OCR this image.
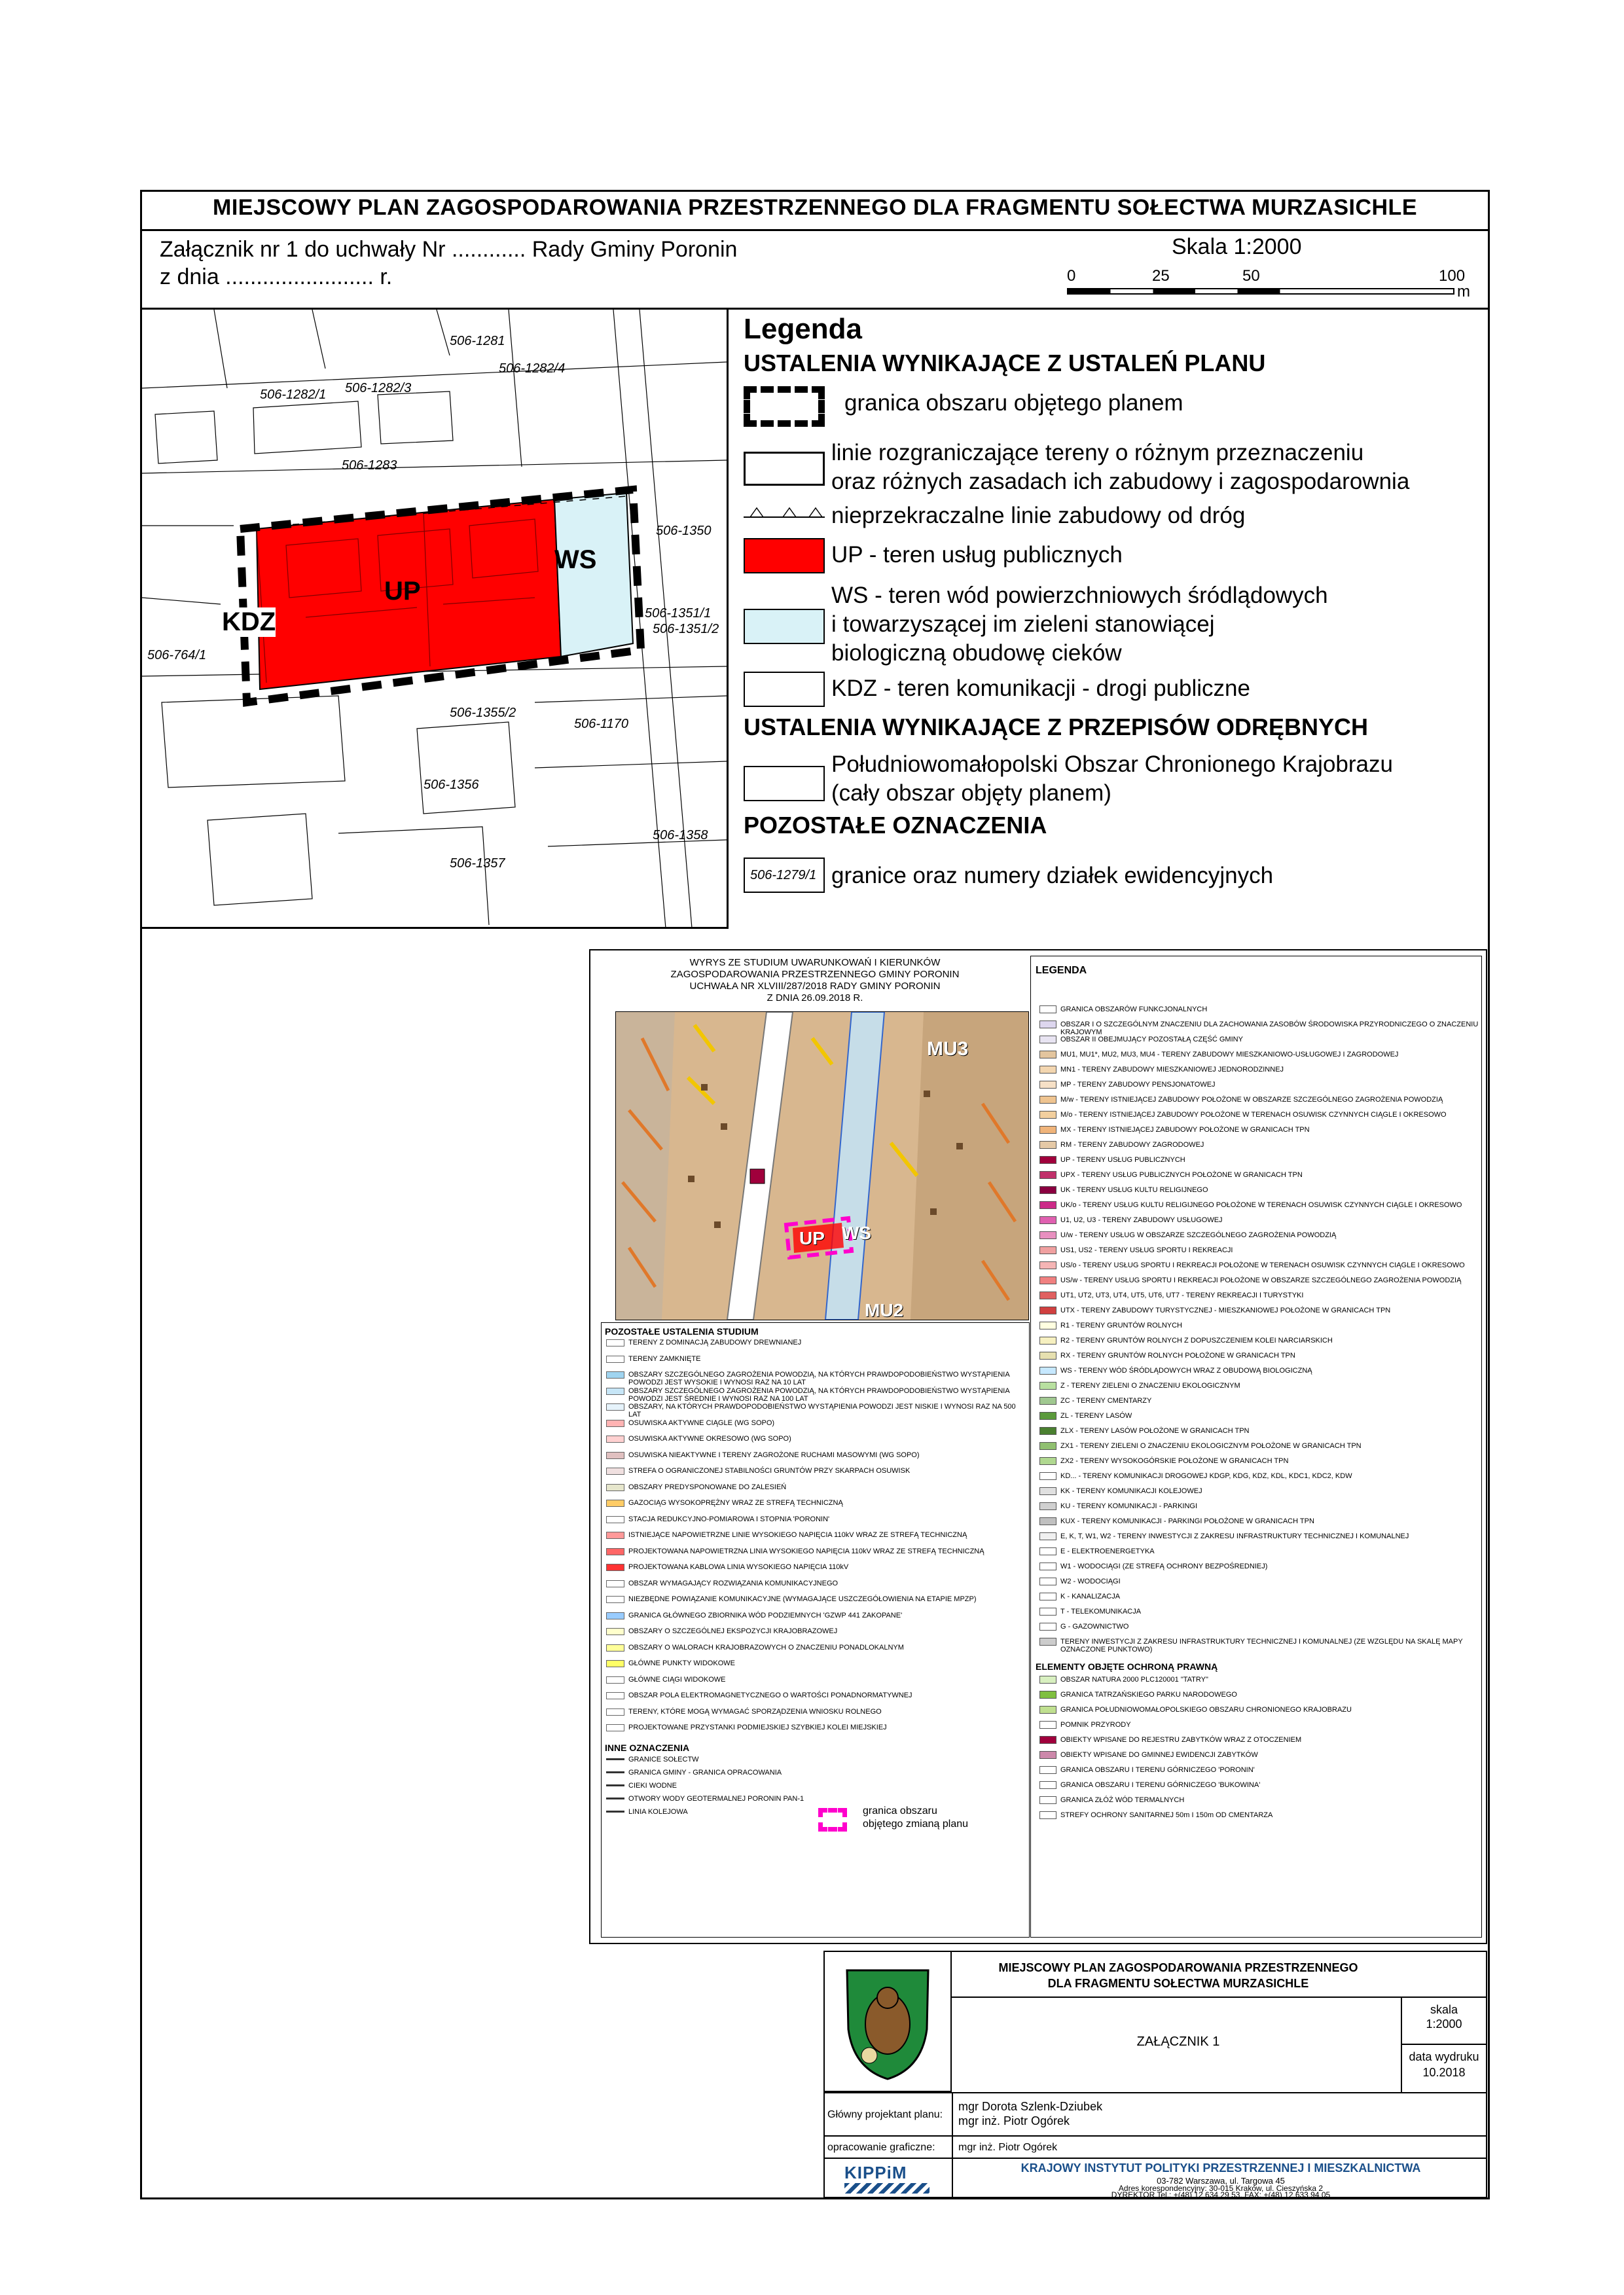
MIEJSCOWY PLAN ZAGOSPODAROWANIA PRZESTRZENNEGO DLA FRAGMENTU SOŁECTWA MURZASICHLE
Załącznik nr 1 do uchwały Nr ............ Rady Gminy Poronin
z dnia ........................ r.
Skala 1:2000
0	25	50	100
m
UP
WS
KDZ
506-1281
506-1282/4
506-1282/3
506-1282/1
506-1283
506-1350
506-1351/1
506-1351/2
506-764/1
506-1355/2
506-1170
506-1356
506-1358
506-1357
Legenda
USTALENIA WYNIKAJĄCE Z USTALEŃ PLANU
granica obszaru objętego planem
linie rozgraniczające tereny o różnym przeznaczeniu
oraz różnych zasadach ich zabudowy i zagospodarownia
nieprzekraczalne linie zabudowy od dróg
UP - teren usług publicznych
WS - teren wód powierzchniowych śródlądowych
i towarzyszącej im zieleni stanowiącej
biologiczną obudowę cieków
KDZ - teren komunikacji - drogi publiczne
USTALENIA WYNIKAJĄCE Z PRZEPISÓW ODRĘBNYCH
Południowomałopolski Obszar Chronionego Krajobrazu
(cały obszar objęty planem)
POZOSTAŁE OZNACZENIA
506-1279/1 granice oraz numery działek ewidencyjnych
WYRYS ZE STUDIUM UWARUNKOWAŃ I KIERUNKÓW
ZAGOSPODAROWANIA PRZESTRZENNEGO GMINY PORONIN
UCHWAŁA NR XLVIII/287/2018 RADY GMINY PORONIN
Z DNIA 26.09.2018 R.
MU3
UP WS
MU2
POZOSTAŁE USTALENIA STUDIUM
INNE OZNACZENIA
granica obszaru
objętego zmianą planu
LEGENDA
ELEMENTY OBJĘTE OCHRONĄ PRAWNĄ
MIEJSCOWY PLAN ZAGOSPODAROWANIA PRZESTRZENNEGO
DLA FRAGMENTU SOŁECTWA MURZASICHLE
ZAŁĄCZNIK 1
skala
1:2000
data wydruku
10.2018
Główny projektant planu:
mgr Dorota Szlenk-Dziubek
mgr inż. Piotr Ogórek
opracowanie graficzne: mgr inż. Piotr Ogórek
KIPPiM	KRAJOWY INSTYTUT POLITYKI PRZESTRZENNEJ I MIESZKALNICTWA
03-782 Warszawa, ul. Targowa 45
Adres korespondencyjny: 30-015 Kraków, ul. Cieszyńska 2
DYREKTOR Tel.: +(48) 12 634 29 53, FAX: +(48) 12 633 94 05
TERENY Z DOMINACJĄ ZABUDOWY DREWNIANEJ
TERENY ZAMKNIĘTE
OBSZARY SZCZEGÓLNEGO ZAGROŻENIA POWODZIĄ, NA KTÓRYCH PRAWDOPODOBIEŃSTWO WYSTĄPIENIA POWODZI JEST WYSOKIE I WYNOSI RAZ NA 10 LAT
OBSZARY SZCZEGÓLNEGO ZAGROŻENIA POWODZIĄ, NA KTÓRYCH PRAWDOPODOBIEŃSTWO WYSTĄPIENIA POWODZI JEST ŚREDNIE I WYNOSI RAZ NA 100 LAT
OBSZARY, NA KTÓRYCH PRAWDOPODOBIEŃSTWO WYSTĄPIENIA POWODZI JEST NISKIE I WYNOSI RAZ NA 500 LAT
OSUWISKA AKTYWNE CIĄGLE (WG SOPO)
OSUWISKA AKTYWNE OKRESOWO (WG SOPO)
OSUWISKA NIEAKTYWNE I TERENY ZAGROŻONE RUCHAMI MASOWYMI (WG SOPO)
STREFA O OGRANICZONEJ STABILNOŚCI GRUNTÓW PRZY SKARPACH OSUWISK
OBSZARY PREDYSPONOWANE DO ZALESIEŃ
GAZOCIĄG WYSOKOPRĘŻNY WRAZ ZE STREFĄ TECHNICZNĄ
STACJA REDUKCYJNO-POMIAROWA I STOPNIA 'PORONIN'
ISTNIEJĄCE NAPOWIETRZNE LINIE WYSOKIEGO NAPIĘCIA 110kV WRAZ ZE STREFĄ TECHNICZNĄ
PROJEKTOWANA NAPOWIETRZNA LINIA WYSOKIEGO NAPIĘCIA 110kV WRAZ ZE STREFĄ TECHNICZNĄ
PROJEKTOWANA KABLOWA LINIA WYSOKIEGO NAPIĘCIA 110kV
OBSZAR WYMAGAJĄCY ROZWIĄZANIA KOMUNIKACYJNEGO
NIEZBĘDNE POWIĄZANIE KOMUNIKACYJNE (WYMAGAJĄCE USZCZEGÓŁOWIENIA NA ETAPIE MPZP)
GRANICA GŁÓWNEGO ZBIORNIKA WÓD PODZIEMNYCH 'GZWP 441 ZAKOPANE'
OBSZARY O SZCZEGÓLNEJ EKSPOZYCJI KRAJOBRAZOWEJ
OBSZARY O WALORACH KRAJOBRAZOWYCH O ZNACZENIU PONADLOKALNYM
GŁÓWNE PUNKTY WIDOKOWE
GŁÓWNE CIĄGI WIDOKOWE
OBSZAR POLA ELEKTROMAGNETYCZNEGO O WARTOŚCI PONADNORMATYWNEJ
TERENY, KTÓRE MOGĄ WYMAGAĆ SPORZĄDZENIA WNIOSKU ROLNEGO
PROJEKTOWANE PRZYSTANKI PODMIEJSKIEJ SZYBKIEJ KOLEI MIEJSKIEJ
GRANICE SOŁECTW
GRANICA GMINY - GRANICA OPRACOWANIA
CIEKI WODNE
OTWORY WODY GEOTERMALNEJ PORONIN PAN-1
LINIA KOLEJOWA
GRANICA OBSZARÓW FUNKCJONALNYCH
OBSZAR I O SZCZEGÓLNYM ZNACZENIU DLA ZACHOWANIA ZASOBÓW ŚRODOWISKA PRZYRODNICZEGO O ZNACZENIU KRAJOWYM
OBSZAR II OBEJMUJĄCY POZOSTAŁĄ CZĘŚĆ GMINY
MU1, MU1*, MU2, MU3, MU4 - TERENY ZABUDOWY MIESZKANIOWO-USŁUGOWEJ I ZAGRODOWEJ
MN1 - TERENY ZABUDOWY MIESZKANIOWEJ JEDNORODZINNEJ
MP - TERENY ZABUDOWY PENSJONATOWEJ
M/w - TERENY ISTNIEJĄCEJ ZABUDOWY POŁOŻONE W OBSZARZE SZCZEGÓLNEGO ZAGROŻENIA POWODZIĄ
M/o - TERENY ISTNIEJĄCEJ ZABUDOWY POŁOŻONE W TERENACH OSUWISK CZYNNYCH CIĄGLE I OKRESOWO
MX - TERENY ISTNIEJĄCEJ ZABUDOWY POŁOŻONE W GRANICACH TPN
RM - TERENY ZABUDOWY ZAGRODOWEJ
UP - TERENY USŁUG PUBLICZNYCH
UPX - TERENY USŁUG PUBLICZNYCH POŁOŻONE W GRANICACH TPN
UK - TERENY USŁUG KULTU RELIGIJNEGO
UK/o - TERENY USŁUG KULTU RELIGIJNEGO POŁOŻONE W TERENACH OSUWISK CZYNNYCH CIĄGLE I OKRESOWO
U1, U2, U3 - TERENY ZABUDOWY USŁUGOWEJ
U/w - TERENY USŁUG W OBSZARZE SZCZEGÓLNEGO ZAGROŻENIA POWODZIĄ
US1, US2 - TERENY USŁUG SPORTU I REKREACJI
US/o - TERENY USŁUG SPORTU I REKREACJI POŁOŻONE W TERENACH OSUWISK CZYNNYCH CIĄGLE I OKRESOWO
US/w - TERENY USŁUG SPORTU I REKREACJI POŁOŻONE W OBSZARZE SZCZEGÓLNEGO ZAGROŻENIA POWODZIĄ
UT1, UT2, UT3, UT4, UT5, UT6, UT7 - TERENY REKREACJI I TURYSTYKI
UTX - TERENY ZABUDOWY TURYSTYCZNEJ - MIESZKANIOWEJ POŁOŻONE W GRANICACH TPN
R1 - TERENY GRUNTÓW ROLNYCH
R2 - TERENY GRUNTÓW ROLNYCH Z DOPUSZCZENIEM KOLEI NARCIARSKICH
RX - TERENY GRUNTÓW ROLNYCH POŁOŻONE W GRANICACH TPN
WS - TERENY WÓD ŚRÓDLĄDOWYCH WRAZ Z OBUDOWĄ BIOLOGICZNĄ
Z - TERENY ZIELENI O ZNACZENIU EKOLOGICZNYM
ZC - TERENY CMENTARZY
ZL - TERENY LASÓW
ZLX - TERENY LASÓW POŁOŻONE W GRANICACH TPN
ZX1 - TERENY ZIELENI O ZNACZENIU EKOLOGICZNYM POŁOŻONE W GRANICACH TPN
ZX2 - TERENY WYSOKOGÓRSKIE POŁOŻONE W GRANICACH TPN
KD... - TERENY KOMUNIKACJI DROGOWEJ KDGP, KDG, KDZ, KDL, KDC1, KDC2, KDW
KK - TERENY KOMUNIKACJI KOLEJOWEJ
KU - TERENY KOMUNIKACJI - PARKINGI
KUX - TERENY KOMUNIKACJI - PARKINGI POŁOŻONE W GRANICACH TPN
E, K, T, W1, W2 - TERENY INWESTYCJI Z ZAKRESU INFRASTRUKTURY TECHNICZNEJ I KOMUNALNEJ
E - ELEKTROENERGETYKA
W1 - WODOCIĄGI (ZE STREFĄ OCHRONY BEZPOŚREDNIEJ)
W2 - WODOCIĄGI
K - KANALIZACJA
T - TELEKOMUNIKACJA
G - GAZOWNICTWO
TERENY INWESTYCJI Z ZAKRESU INFRASTRUKTURY TECHNICZNEJ I KOMUNALNEJ (ZE WZGLĘDU NA SKALĘ MAPY OZNACZONE PUNKTOWO)
OBSZAR NATURA 2000 PLC120001 "TATRY"
GRANICA TATRZAŃSKIEGO PARKU NARODOWEGO
GRANICA POŁUDNIOWOMAŁOPOLSKIEGO OBSZARU CHRONIONEGO KRAJOBRAZU
POMNIK PRZYRODY
OBIEKTY WPISANE DO REJESTRU ZABYTKÓW WRAZ Z OTOCZENIEM
OBIEKTY WPISANE DO GMINNEJ EWIDENCJI ZABYTKÓW
GRANICA OBSZARU I TERENU GÓRNICZEGO 'PORONIN'
GRANICA OBSZARU I TERENU GÓRNICZEGO 'BUKOWINA'
GRANICA ZŁÓŻ WÓD TERMALNYCH
STREFY OCHRONY SANITARNEJ 50m I 150m OD CMENTARZA
